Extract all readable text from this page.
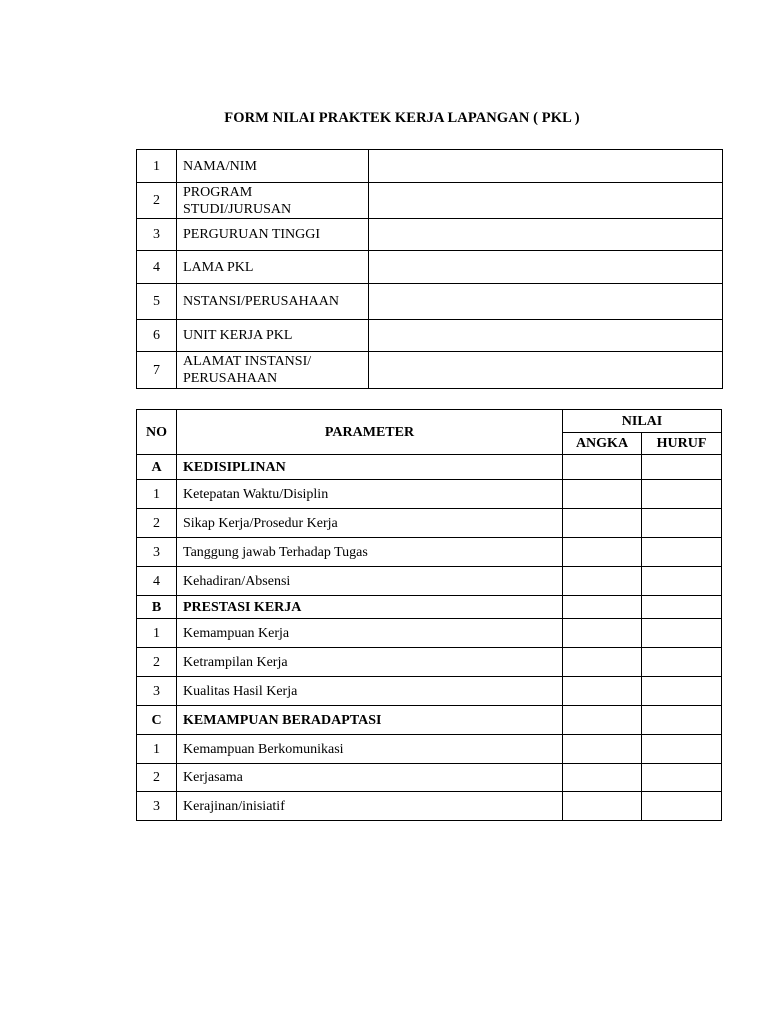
FORM NILAI PRAKTEK KERJA LAPANGAN ( PKL )
1	NAMA/NIM	
2	PROGRAM STUDI/JURUSAN	
3	PERGURUAN TINGGI	
4	LAMA PKL	
5	NSTANSI/PERUSAHAAN	
6	UNIT KERJA PKL	
7	ALAMAT INSTANSI/ PERUSAHAAN	
NO	PARAMETER	NILAI	
		ANGKA	HURUF
A	KEDISIPLINAN		
1	Ketepatan Waktu/Disiplin		
2	Sikap Kerja/Prosedur Kerja		
3	Tanggung jawab Terhadap Tugas		
4	Kehadiran/Absensi		
B	PRESTASI KERJA		
1	Kemampuan Kerja		
2	Ketrampilan Kerja		
3	Kualitas Hasil Kerja		
C	KEMAMPUAN BERADAPTASI		
1	Kemampuan Berkomunikasi		
2	Kerjasama		
3	Kerajinan/inisiatif		
